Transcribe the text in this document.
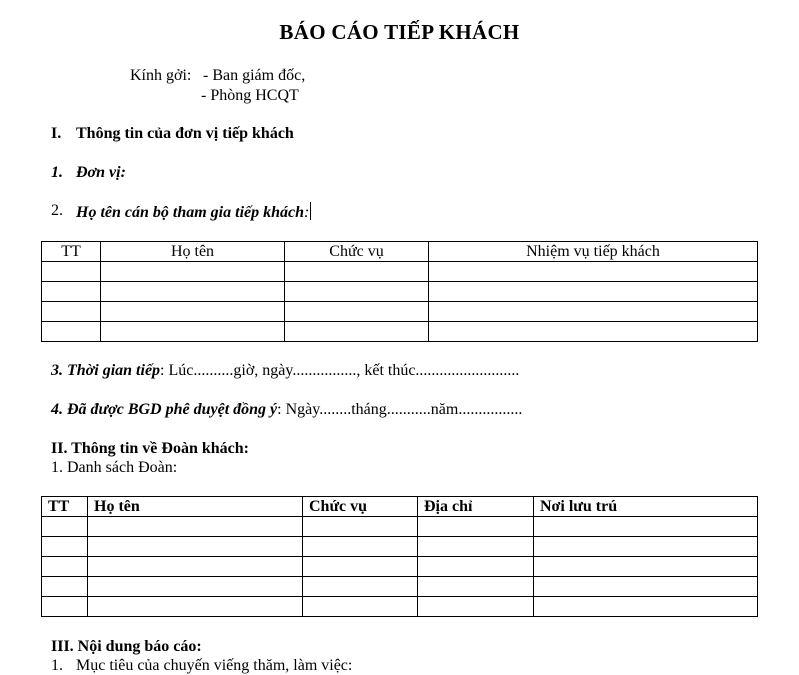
BÁO CÁO TIẾP KHÁCH
Kính gởi: - Ban giám đốc,
- Phòng HCQT
I. Thông tin của đơn vị tiếp khách
1. Đơn vị:
2. Họ tên cán bộ tham gia tiếp khách:
TT	Họ tên	Chức vụ	Nhiệm vụ tiếp khách

3. Thời gian tiếp: Lúc..........giờ, ngày................, kết thúc..........................
4. Đã được BGD phê duyệt đồng ý: Ngày........tháng...........năm................
II. Thông tin về Đoàn khách:
1. Danh sách Đoàn:
TT	Họ tên	Chức vụ	Địa chỉ	Nơi lưu trú

III. Nội dung báo cáo:
1. Mục tiêu của chuyến viếng thăm, làm việc:
